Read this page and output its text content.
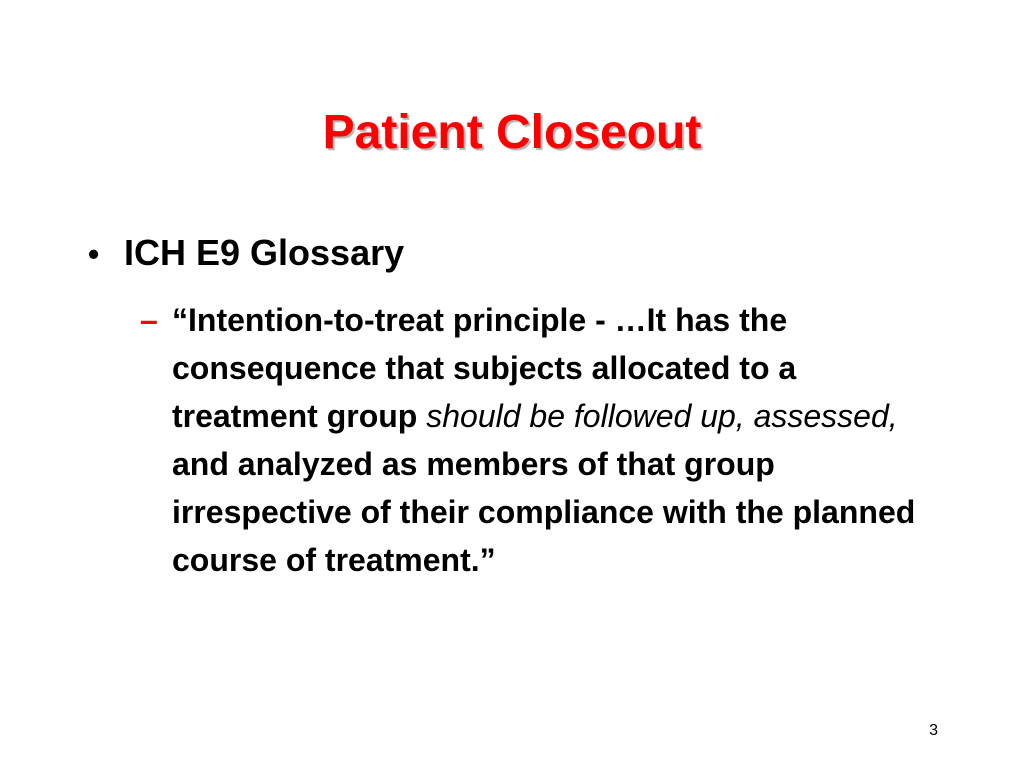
Patient Closeout
• ICH E9 Glossary
– “Intention-to-treat principle - …It has the consequence that subjects allocated to a treatment group should be followed up, assessed, and analyzed as members of that group irrespective of their compliance with the planned course of treatment.”
3
